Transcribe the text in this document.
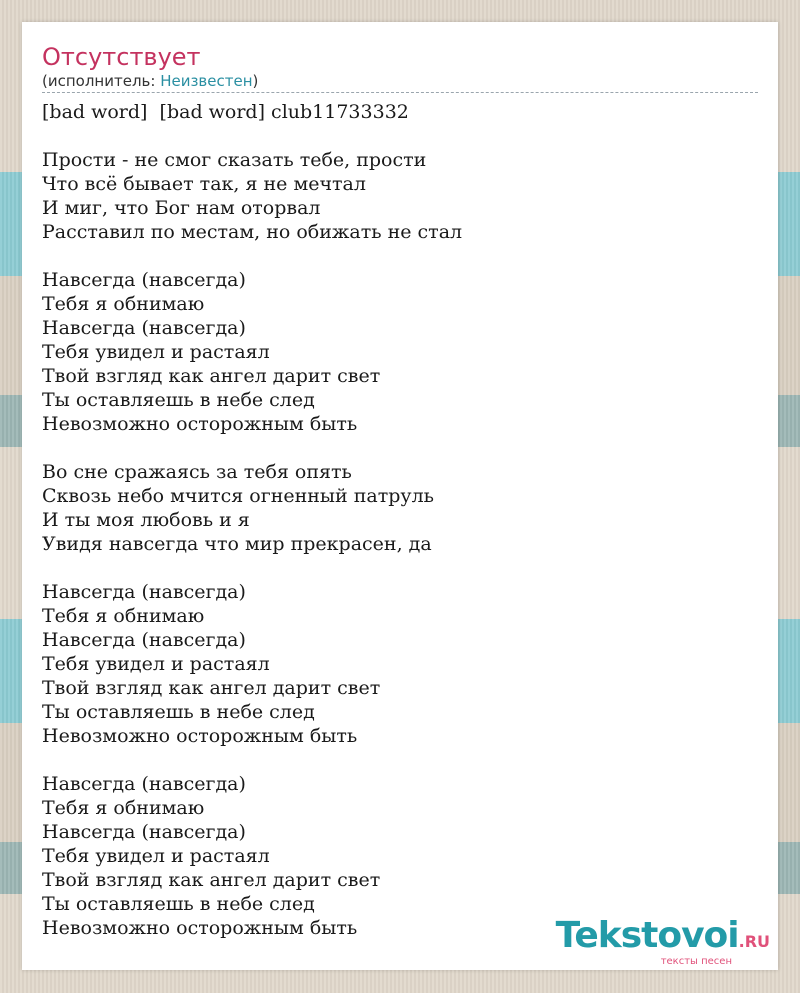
Отсутствует
(исполнитель: Неизвестен)
[bad word]  [bad word] club11733332
Прости - не смог сказать тебе, прости
Что всё бывает так, я не мечтал
И миг, что Бог нам оторвал
Расставил по местам, но обижать не стал
Навсегда (навсегда)
Тебя я обнимаю
Навсегда (навсегда)
Тебя увидел и растаял
Твой взгляд как ангел дарит свет
Ты оставляешь в небе след
Невозможно осторожным быть
Во сне сражаясь за тебя опять
Сквозь небо мчится огненный патруль
И ты моя любовь и я
Увидя навсегда что мир прекрасен, да
Навсегда (навсегда)
Тебя я обнимаю
Навсегда (навсегда)
Тебя увидел и растаял
Твой взгляд как ангел дарит свет
Ты оставляешь в небе след
Невозможно осторожным быть
Навсегда (навсегда)
Тебя я обнимаю
Навсегда (навсегда)
Тебя увидел и растаял
Твой взгляд как ангел дарит свет
Ты оставляешь в небе след
Невозможно осторожным быть	Tekstovoi.RU
тексты песен
